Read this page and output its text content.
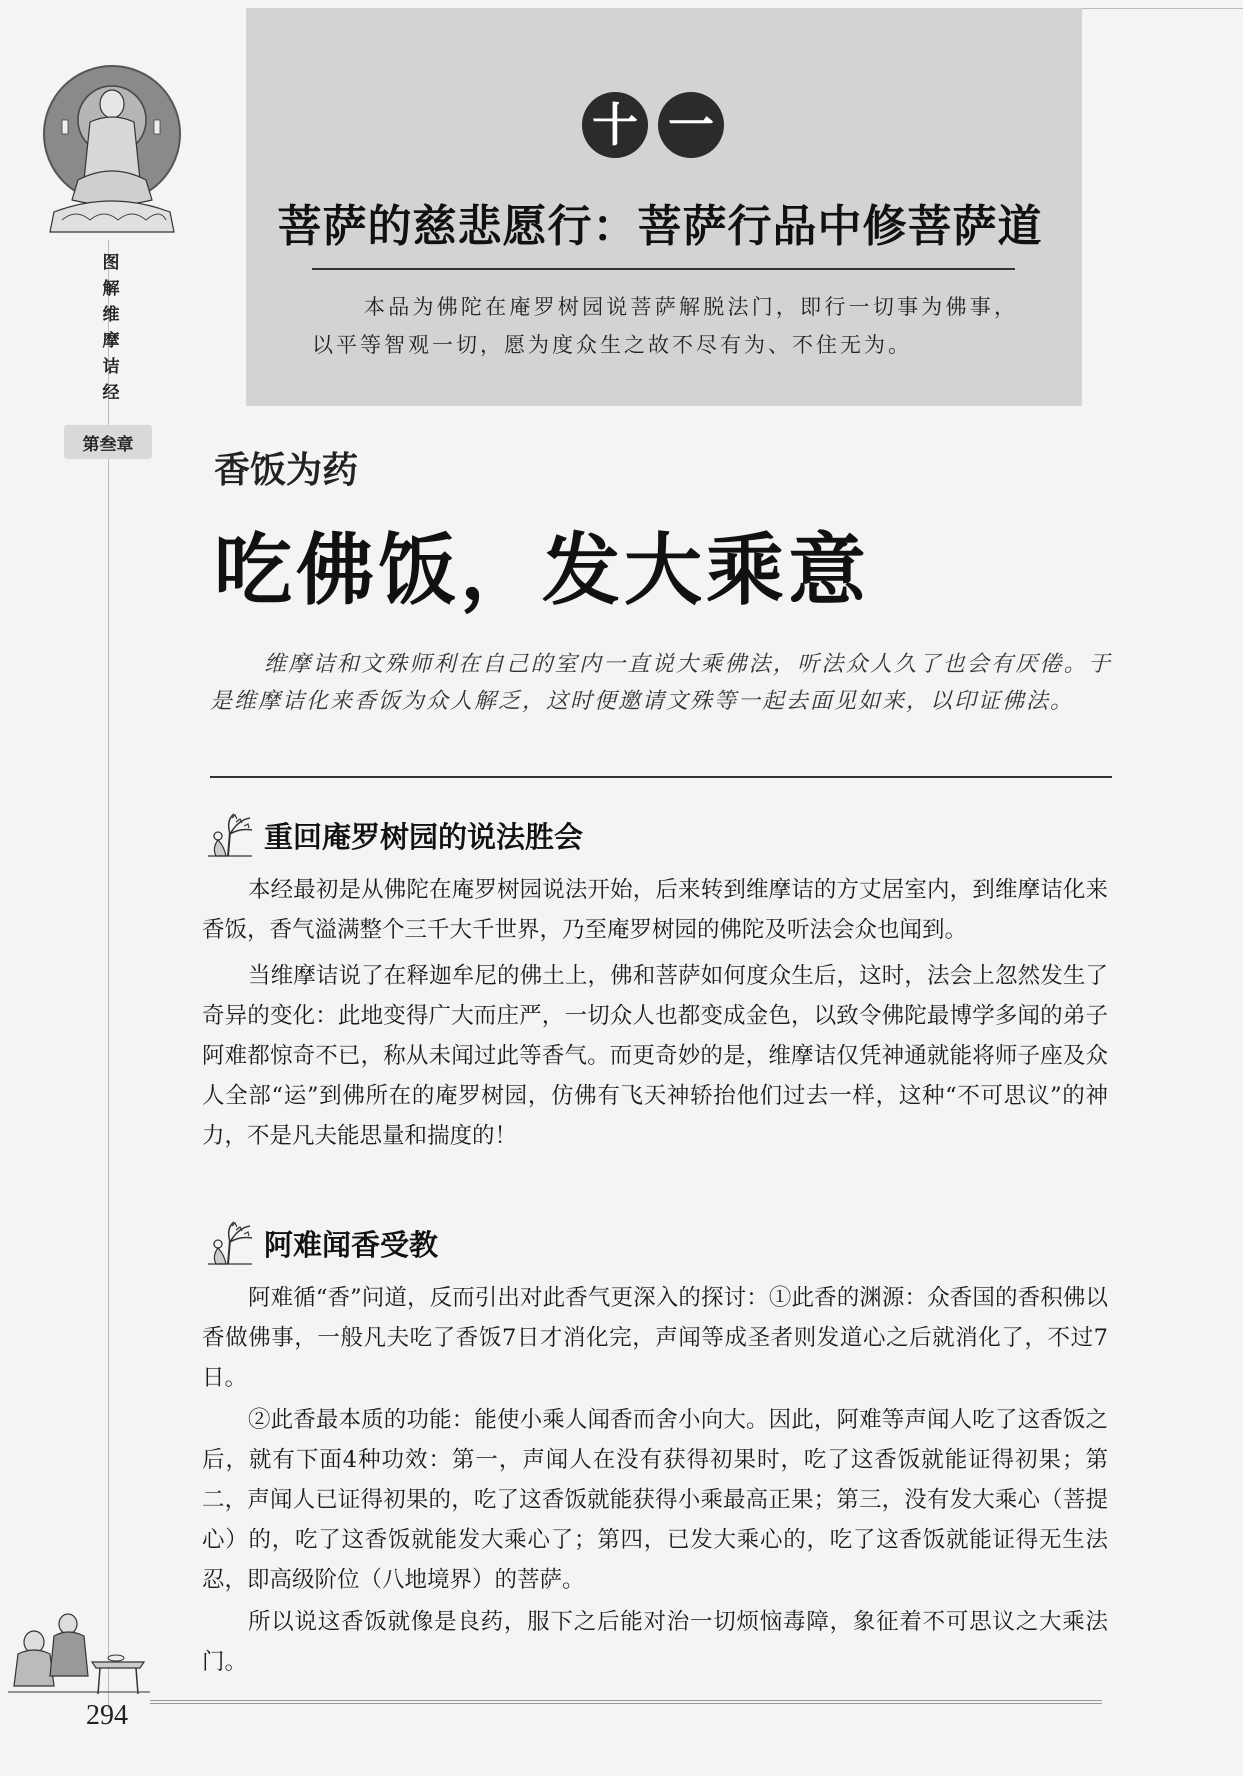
图
解
维
摩
诘
经
第叁章
十 一
菩萨的慈悲愿行：菩萨行品中修菩萨道
本品为佛陀在庵罗树园说菩萨解脱法门，即行一切事为佛事，以平等智观一切，愿为度众生之故不尽有为、不住无为。
香饭为药
吃佛饭，发大乘意
维摩诘和文殊师利在自己的室内一直说大乘佛法，听法众人久了也会有厌倦。于是维摩诘化来香饭为众人解乏，这时便邀请文殊等一起去面见如来，以印证佛法。
重回庵罗树园的说法胜会

本经最初是从佛陀在庵罗树园说法开始，后来转到维摩诘的方丈居室内，到维摩诘化来香饭，香气溢满整个三千大千世界，乃至庵罗树园的佛陀及听法会众也闻到。

当维摩诘说了在释迦牟尼的佛土上，佛和菩萨如何度众生后，这时，法会上忽然发生了奇异的变化：此地变得广大而庄严，一切众人也都变成金色，以致令佛陀最博学多闻的弟子阿难都惊奇不已，称从未闻过此等香气。而更奇妙的是，维摩诘仅凭神通就能将师子座及众人全部“运”到佛所在的庵罗树园，仿佛有飞天神轿抬他们过去一样，这种“不可思议”的神力，不是凡夫能思量和揣度的！

阿难闻香受教

阿难循“香”问道，反而引出对此香气更深入的探讨：①此香的渊源：众香国的香积佛以香做佛事，一般凡夫吃了香饭7日才消化完，声闻等成圣者则发道心之后就消化了，不过7日。

②此香最本质的功能：能使小乘人闻香而舍小向大。因此，阿难等声闻人吃了这香饭之后，就有下面4种功效：第一，声闻人在没有获得初果时，吃了这香饭就能证得初果；第二，声闻人已证得初果的，吃了这香饭就能获得小乘最高正果；第三，没有发大乘心（菩提心）的，吃了这香饭就能发大乘心了；第四，已发大乘心的，吃了这香饭就能证得无生法忍，即高级阶位（八地境界）的菩萨。

所以说这香饭就像是良药，服下之后能对治一切烦恼毒障，象征着不可思议之大乘法门。

294
